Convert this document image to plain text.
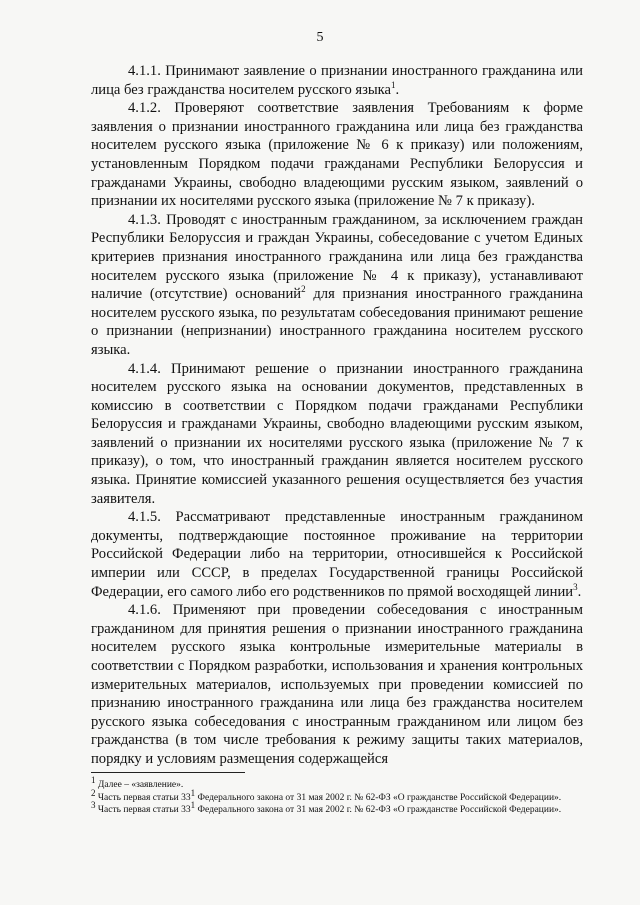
5

4.1.1. Принимают заявление о признании иностранного гражданина или лица без гражданства носителем русского языка$^1$.

4.1.2. Проверяют соответствие заявления Требованиям к форме заявления о признании иностранного гражданина или лица без гражданства носителем русского языка (приложение № 6 к приказу) или положениям, установленным Порядком подачи гражданами Республики Белоруссия и гражданами Украины, свободно владеющими русским языком, заявлений о признании их носителями русского языка (приложение № 7 к приказу).

4.1.3. Проводят с иностранным гражданином, за исключением граждан Республики Белоруссия и граждан Украины, собеседование с учетом Единых критериев признания иностранного гражданина или лица без гражданства носителем русского языка (приложение № 4 к приказу), устанавливают наличие (отсутствие) оснований$^2$ для признания иностранного гражданина носителем русского языка, по результатам собеседования принимают решение о признании (непризнании) иностранного гражданина носителем русского языка.

4.1.4. Принимают решение о признании иностранного гражданина носителем русского языка на основании документов, представленных в комиссию в соответствии с Порядком подачи гражданами Республики Белоруссия и гражданами Украины, свободно владеющими русским языком, заявлений о признании их носителями русского языка (приложение № 7 к приказу), о том, что иностранный гражданин является носителем русского языка. Принятие комиссией указанного решения осуществляется без участия заявителя.

4.1.5. Рассматривают представленные иностранным гражданином документы, подтверждающие постоянное проживание на территории Российской Федерации либо на территории, относившейся к Российской империи или СССР, в пределах Государственной границы Российской Федерации, его самого либо его родственников по прямой восходящей линии$^3$.

4.1.6. Применяют при проведении собеседования с иностранным гражданином для принятия решения о признании иностранного гражданина носителем русского языка контрольные измерительные материалы в соответствии с Порядком разработки, использования и хранения контрольных измерительных материалов, используемых при проведении комиссией по признанию иностранного гражданина или лица без гражданства носителем русского языка собеседования с иностранным гражданином или лицом без гражданства (в том числе требования к режиму защиты таких материалов, порядку и условиям размещения содержащейся

$^1$ Далее – «заявление».

$^2$ Часть первая статьи $33^1$ Федерального закона от 31 мая 2002 г. № 62-ФЗ «О гражданстве Российской Федерации».

$^3$ Часть первая статьи $33^1$ Федерального закона от 31 мая 2002 г. № 62-ФЗ «О гражданстве Российской Федерации».
